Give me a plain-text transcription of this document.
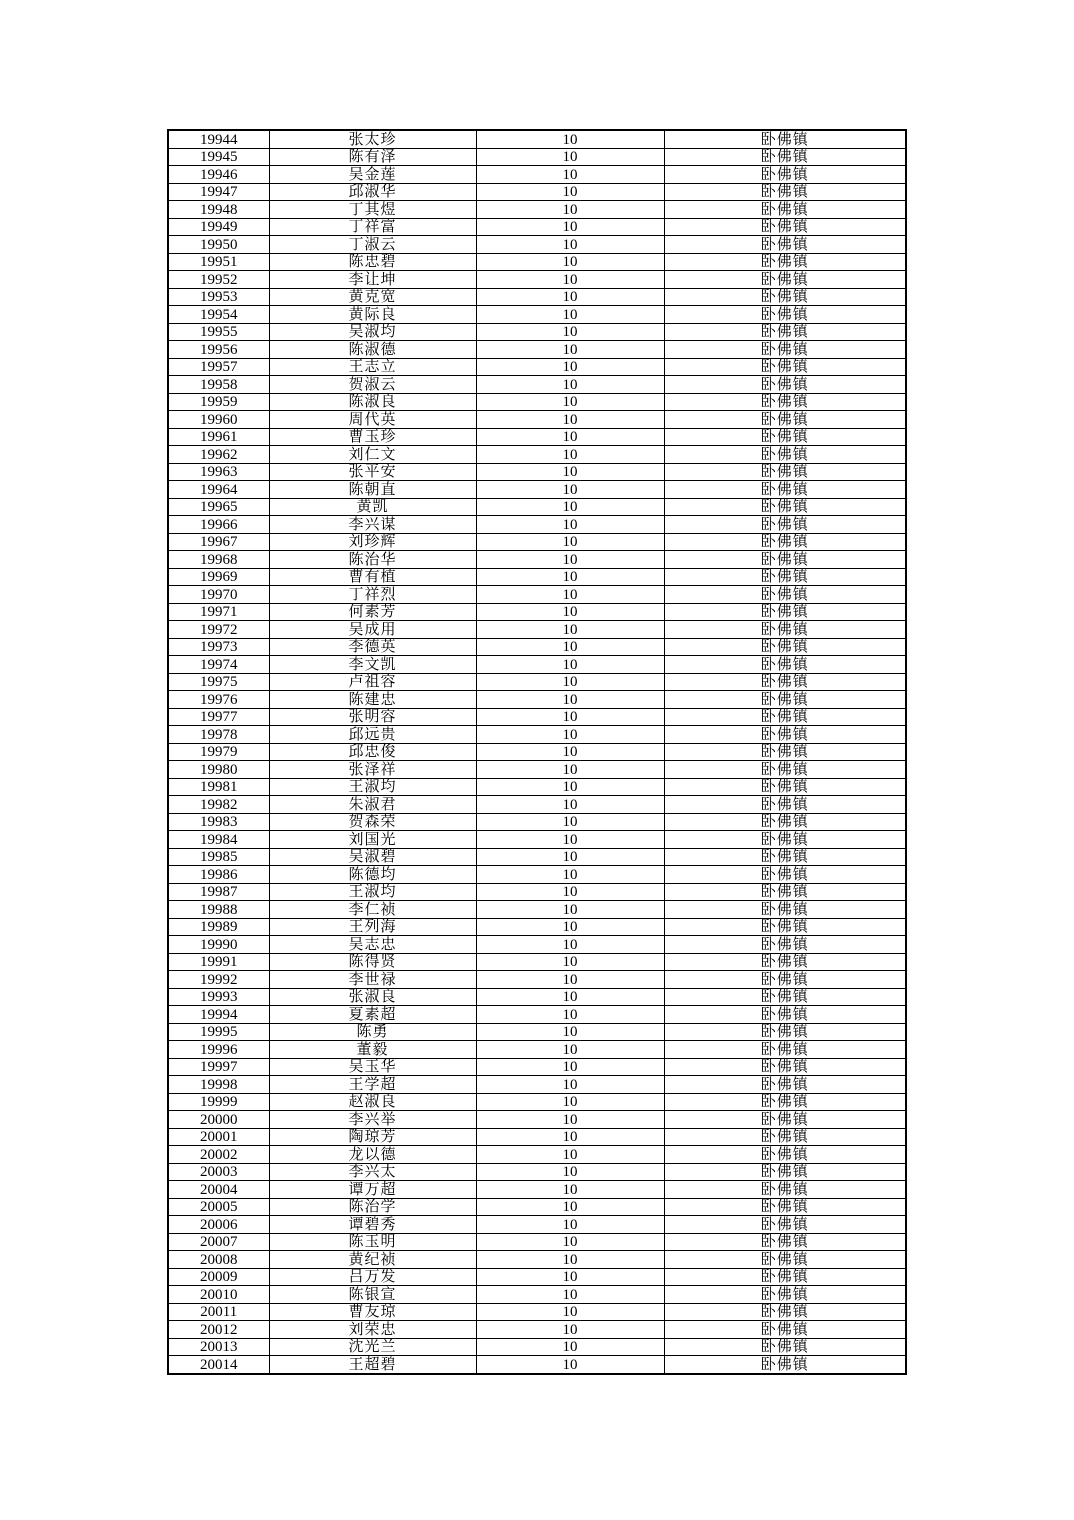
19944	张太珍	10	卧佛镇
19945	陈有泽	10	卧佛镇
19946	吴金莲	10	卧佛镇
19947	邱淑华	10	卧佛镇
19948	丁其煜	10	卧佛镇
19949	丁祥富	10	卧佛镇
19950	丁淑云	10	卧佛镇
19951	陈忠碧	10	卧佛镇
19952	李让坤	10	卧佛镇
19953	黄克宽	10	卧佛镇
19954	黄际良	10	卧佛镇
19955	吴淑均	10	卧佛镇
19956	陈淑德	10	卧佛镇
19957	王志立	10	卧佛镇
19958	贺淑云	10	卧佛镇
19959	陈淑良	10	卧佛镇
19960	周代英	10	卧佛镇
19961	曹玉珍	10	卧佛镇
19962	刘仁文	10	卧佛镇
19963	张平安	10	卧佛镇
19964	陈朝直	10	卧佛镇
19965	黄凯	10	卧佛镇
19966	李兴谋	10	卧佛镇
19967	刘珍辉	10	卧佛镇
19968	陈治华	10	卧佛镇
19969	曹有植	10	卧佛镇
19970	丁祥烈	10	卧佛镇
19971	何素芳	10	卧佛镇
19972	吴成用	10	卧佛镇
19973	李德英	10	卧佛镇
19974	李文凯	10	卧佛镇
19975	卢祖容	10	卧佛镇
19976	陈建忠	10	卧佛镇
19977	张明容	10	卧佛镇
19978	邱远贵	10	卧佛镇
19979	邱忠俊	10	卧佛镇
19980	张泽祥	10	卧佛镇
19981	王淑均	10	卧佛镇
19982	朱淑君	10	卧佛镇
19983	贺森荣	10	卧佛镇
19984	刘国光	10	卧佛镇
19985	吴淑碧	10	卧佛镇
19986	陈德均	10	卧佛镇
19987	王淑均	10	卧佛镇
19988	李仁祯	10	卧佛镇
19989	王列海	10	卧佛镇
19990	吴志忠	10	卧佛镇
19991	陈得贤	10	卧佛镇
19992	李世禄	10	卧佛镇
19993	张淑良	10	卧佛镇
19994	夏素超	10	卧佛镇
19995	陈勇	10	卧佛镇
19996	董毅	10	卧佛镇
19997	吴玉华	10	卧佛镇
19998	王学超	10	卧佛镇
19999	赵淑良	10	卧佛镇
20000	李兴举	10	卧佛镇
20001	陶琼芳	10	卧佛镇
20002	龙以德	10	卧佛镇
20003	李兴太	10	卧佛镇
20004	谭万超	10	卧佛镇
20005	陈治学	10	卧佛镇
20006	谭碧秀	10	卧佛镇
20007	陈玉明	10	卧佛镇
20008	黄纪祯	10	卧佛镇
20009	吕万发	10	卧佛镇
20010	陈银宣	10	卧佛镇
20011	曹友琼	10	卧佛镇
20012	刘荣忠	10	卧佛镇
20013	沈光兰	10	卧佛镇
20014	王超碧	10	卧佛镇
